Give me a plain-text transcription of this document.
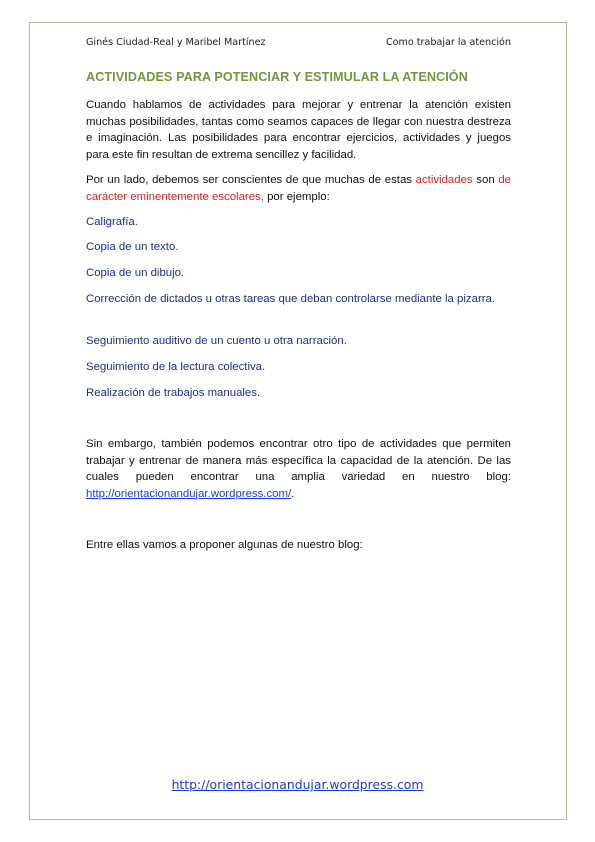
Ginés Ciudad-Real y Maribel Martínez	Como trabajar la atención
ACTIVIDADES PARA POTENCIAR Y ESTIMULAR LA ATENCIÓN

Cuando hablamos de actividades para mejorar y entrenar la atención existen muchas posibilidades, tantas como seamos capaces de llegar con nuestra destreza e imaginación. Las posibilidades para encontrar ejercicios, actividades y juegos para este fin resultan de extrema sencillez y facilidad.

Por un lado, debemos ser conscientes de que muchas de estas actividades son de carácter eminentemente escolares, por ejemplo:

Caligrafía.

Copia de un texto.

Copia de un dibujo.

Corrección de dictados u otras tareas que deban controlarse mediante la pizarra.

Seguimiento auditivo de un cuento u otra narración.

Seguimiento de la lectura colectiva.

Realización de trabajos manuales.

Sin embargo, también podemos encontrar otro tipo de actividades que permiten trabajar y entrenar de manera más específica la capacidad de la atención. De las cuales pueden encontrar una amplia variedad en nuestro blog: http://orientacionandujar.wordpress.com/.

Entre ellas vamos a proponer algunas de nuestro blog:

http://orientacionandujar.wordpress.com
